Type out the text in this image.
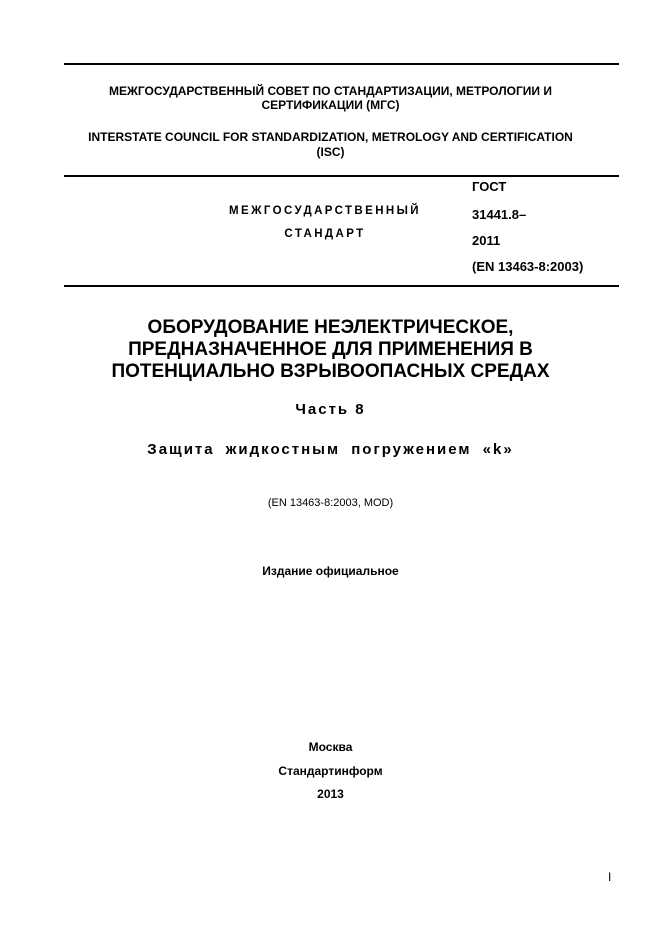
МЕЖГОСУДАРСТВЕННЫЙ СОВЕТ ПО СТАНДАРТИЗАЦИИ, МЕТРОЛОГИИ И
СЕРТИФИКАЦИИ (МГС)
INTERSTATE COUNCIL FOR STANDARDIZATION, METROLOGY AND CERTIFICATION
(ISC)
МЕЖГОСУДАРСТВЕННЫЙ
СТАНДАРТ
ГОСТ
31441.8–
2011
(EN 13463-8:2003)
ОБОРУДОВАНИЕ НЕЭЛЕКТРИЧЕСКОЕ,
ПРЕДНАЗНАЧЕННОЕ ДЛЯ ПРИМЕНЕНИЯ В
ПОТЕНЦИАЛЬНО ВЗРЫВООПАСНЫХ СРЕДАХ
Часть 8
Защита жидкостным погружением «k»
(EN 13463-8:2003, MOD)
Издание официальное
Москва
Стандартинформ
2013
I
